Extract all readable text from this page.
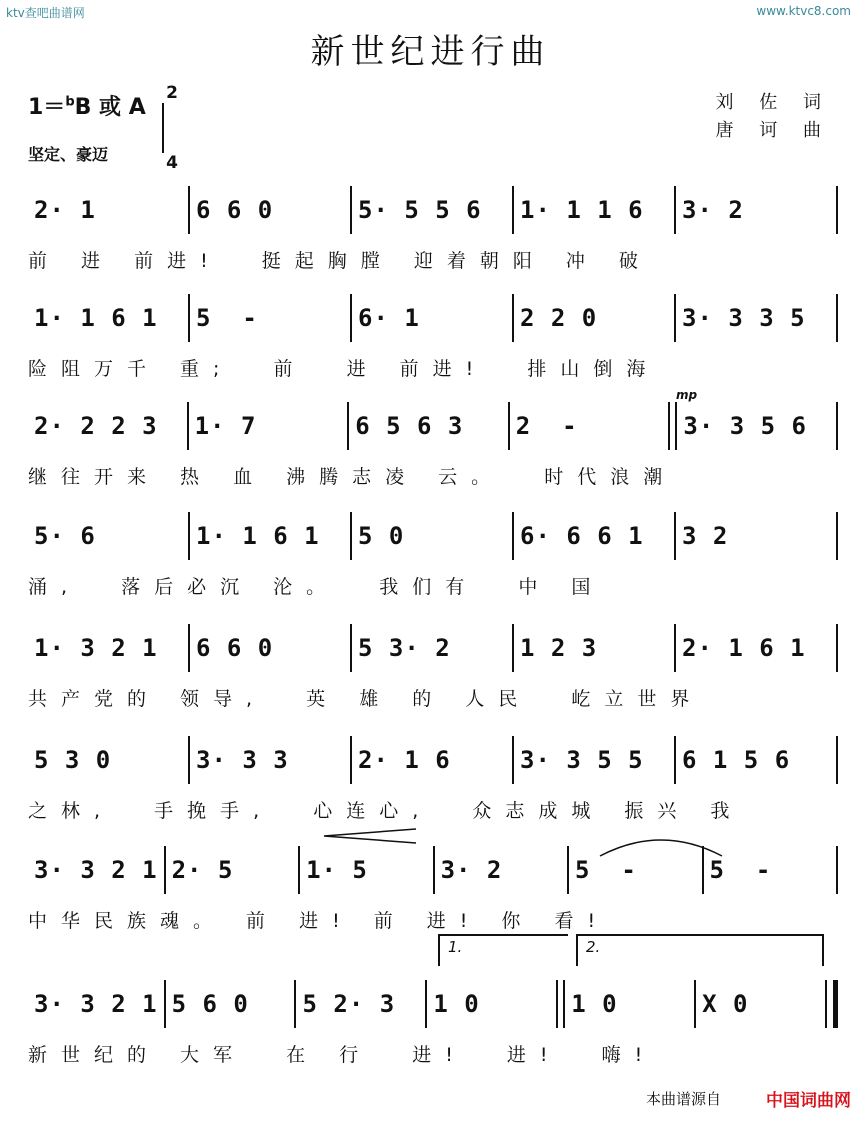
ktv查吧曲谱网	www.ktvc8.com
新世纪进行曲
1＝$^b$B 或 A
2
4
刘 佐 词
唐 诃 曲
坚定、豪迈
2· 1	6 6 0	5· 5 5 6	1· 1 1 6	3· 2
前 进 前进!  挺起胸膛 迎着朝阳 冲 破
1· 1 6 1	5  -	6· 1	2 2 0	3· 3 3 5
险阻万千 重;  前  进 前进!  排山倒海
mp
2· 2 2 3	1· 7	6 5 6 3	2  -	3· 3 5 6
继往开来 热 血 沸腾志凌 云。  时代浪潮
5· 6	1· 1 6 1	5 0	6· 6 6 1	3 2
涌,  落后必沉 沦。  我们有  中 国
1· 3 2 1	6 6 0	5 3· 2	1 2 3	2· 1 6 1
共产党的 领导,  英 雄 的 人民  屹立世界
5 3 0	3· 3 3	2· 1 6	3· 3 5 5	6 1 5 6
之林,  手挽手,  心连心,  众志成城 振兴 我
3· 3 2 1 2· 5	1· 5	3· 2	5  -	5  -
中华民族魂。 前 进! 前 进! 你 看!
1.	2.
3· 3 2 1 5 6 0	5 2· 3	1 0	1 0	X 0
新世纪的 大军  在 行  进!  进!  嗨!
本曲谱源自	中国词曲网
